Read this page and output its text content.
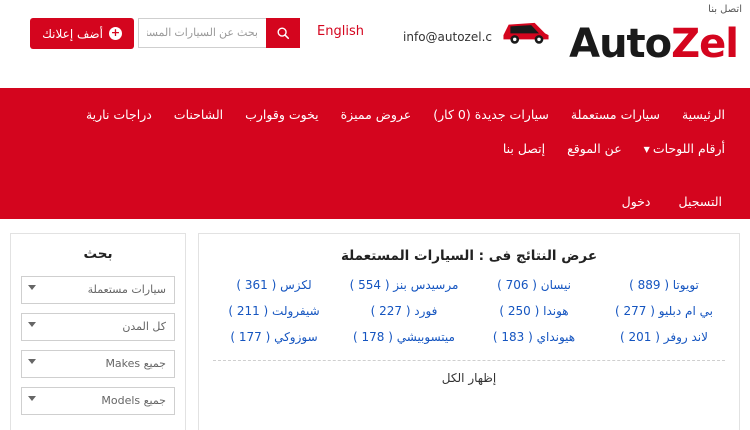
+
أضف إعلانك
بحث عن السيارات المستعملة	English	info@autozel.c
اتصل بنا
AutoZel
الرئيسية
سيارات مستعملة
سيارات جديدة (0 كار)
عروض مميزة
يخوت وقوارب
الشاحنات
دراجات نارية
أرقام اللوحات▼
عن الموقع
إتصل بنا
التسجيل
دخول
عرض النتائج فى : السيارات المستعملة
تويوتا ( 889 )
نيسان ( 706 )
مرسيدس بنز ( 554 )
لكزس ( 361 )
بي ام دبليو ( 277 )
هوندا ( 250 )
فورد ( 227 )
شيفرولت ( 211 )
لاند روفر ( 201 )
هيونداي ( 183 )
ميتسوبيشي ( 178 )
سوزوكي ( 177 )
إظهار الكل
بحث
سيارات مستعملة
كل المدن
جميع Makes
جميع Models
